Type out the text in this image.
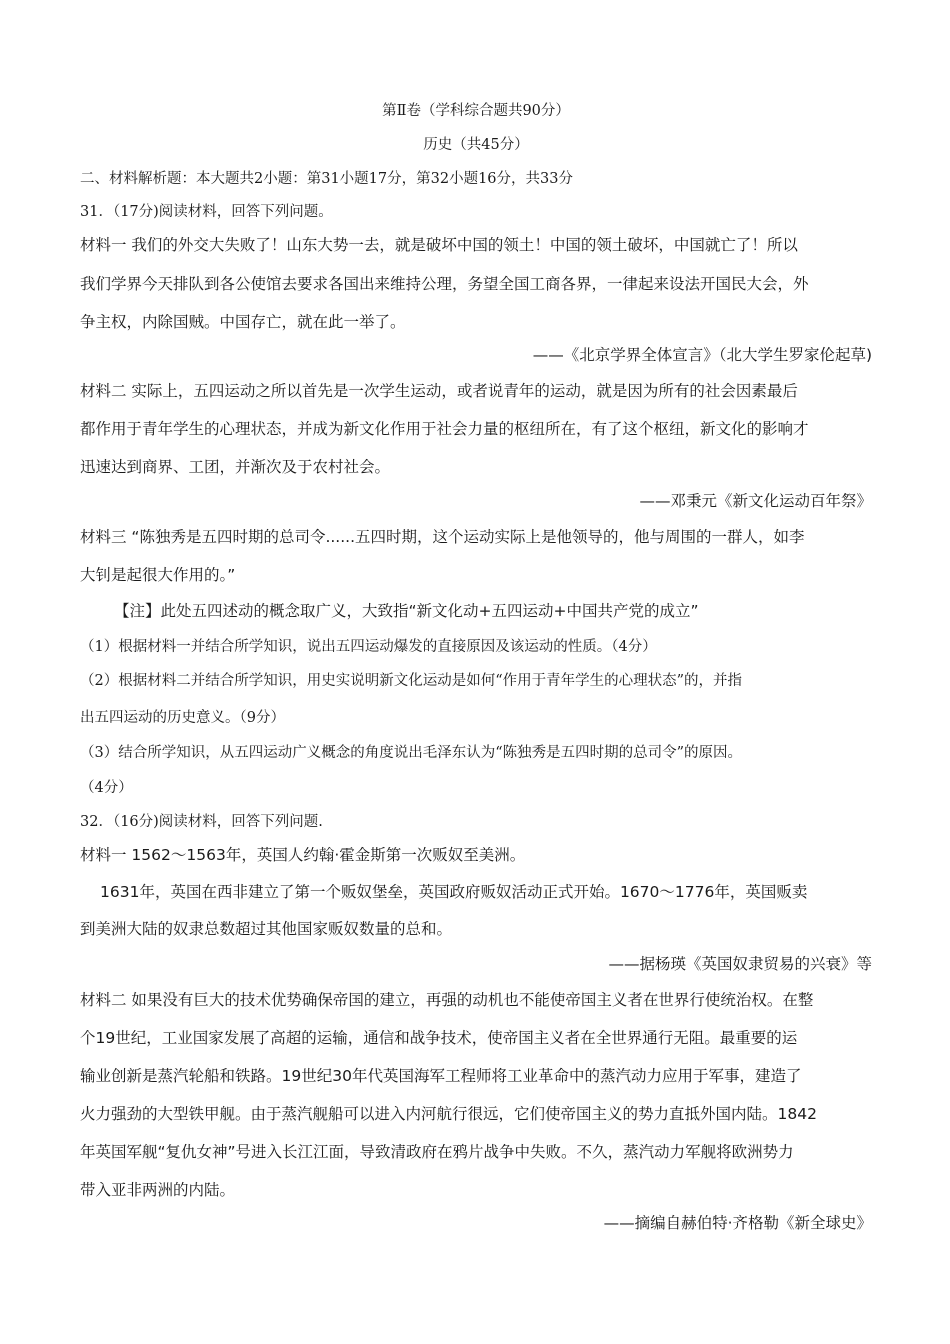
第Ⅱ卷（学科综合题共90分）
历史（共45分）
二、材料解析题：本大题共2小题：第31小题17分，第32小题16分，共33分
31．（17分)阅读材料，回答下列问题。
材料一 我们的外交大失败了！山东大势一去，就是破坏中国的领土！中国的领土破坏，中国就亡了！所以
我们学界今天排队到各公使馆去要求各国出来维持公理，务望全国工商各界，一律起来设法开国民大会，外
争主权，内除国贼。中国存亡，就在此一举了。
——《北京学界全体宣言》（北大学生罗家伦起草)
材料二 实际上，五四运动之所以首先是一次学生运动，或者说青年的运动，就是因为所有的社会因素最后
都作用于青年学生的心理状态，并成为新文化作用于社会力量的枢纽所在，有了这个枢纽，新文化的影响才
迅速达到商界、工团，并渐次及于农村社会。
——邓秉元《新文化运动百年祭》
材料三 “陈独秀是五四时期的总司令......五四时期，这个运动实际上是他领导的，他与周围的一群人，如李
大钊是起很大作用的。”
【注】此处五四述动的概念取广义，大致指“新文化动+五四运动+中国共产党的成立”
（1）根据材料一并结合所学知识，说出五四运动爆发的直接原因及该运动的性质。（4分）
（2）根据材料二并结合所学知识，用史实说明新文化运动是如何“作用于青年学生的心理状态”的，并指
出五四运动的历史意义。（9分）
（3）结合所学知识，从五四运动广义概念的角度说出毛泽东认为“陈独秀是五四时期的总司令”的原因。
（4分）
32．（16分)阅读材料，回答下列问题.
材料一 1562～1563年，英国人约翰·霍金斯第一次贩奴至美洲。
1631年，英国在西非建立了第一个贩奴堡垒，英国政府贩奴活动正式开始。1670～1776年，英国贩卖
到美洲大陆的奴隶总数超过其他国家贩奴数量的总和。
——据杨瑛《英国奴隶贸易的兴衰》等
材料二 如果没有巨大的技术优势确保帝国的建立，再强的动机也不能使帝国主义者在世界行使统治权。在整
个19世纪，工业国家发展了高超的运输，通信和战争技术，使帝国主义者在全世界通行无阻。最重要的运
输业创新是蒸汽轮船和铁路。19世纪30年代英国海军工程师将工业革命中的蒸汽动力应用于军事，建造了
火力强劲的大型铁甲舰。由于蒸汽舰船可以进入内河航行很远，它们使帝国主义的势力直抵外国内陆。1842
年英国军舰“复仇女神”号进入长江江面，导致清政府在鸦片战争中失败。不久，蒸汽动力军舰将欧洲势力
带入亚非两洲的内陆。
——摘编自赫伯特·齐格勒《新全球史》
